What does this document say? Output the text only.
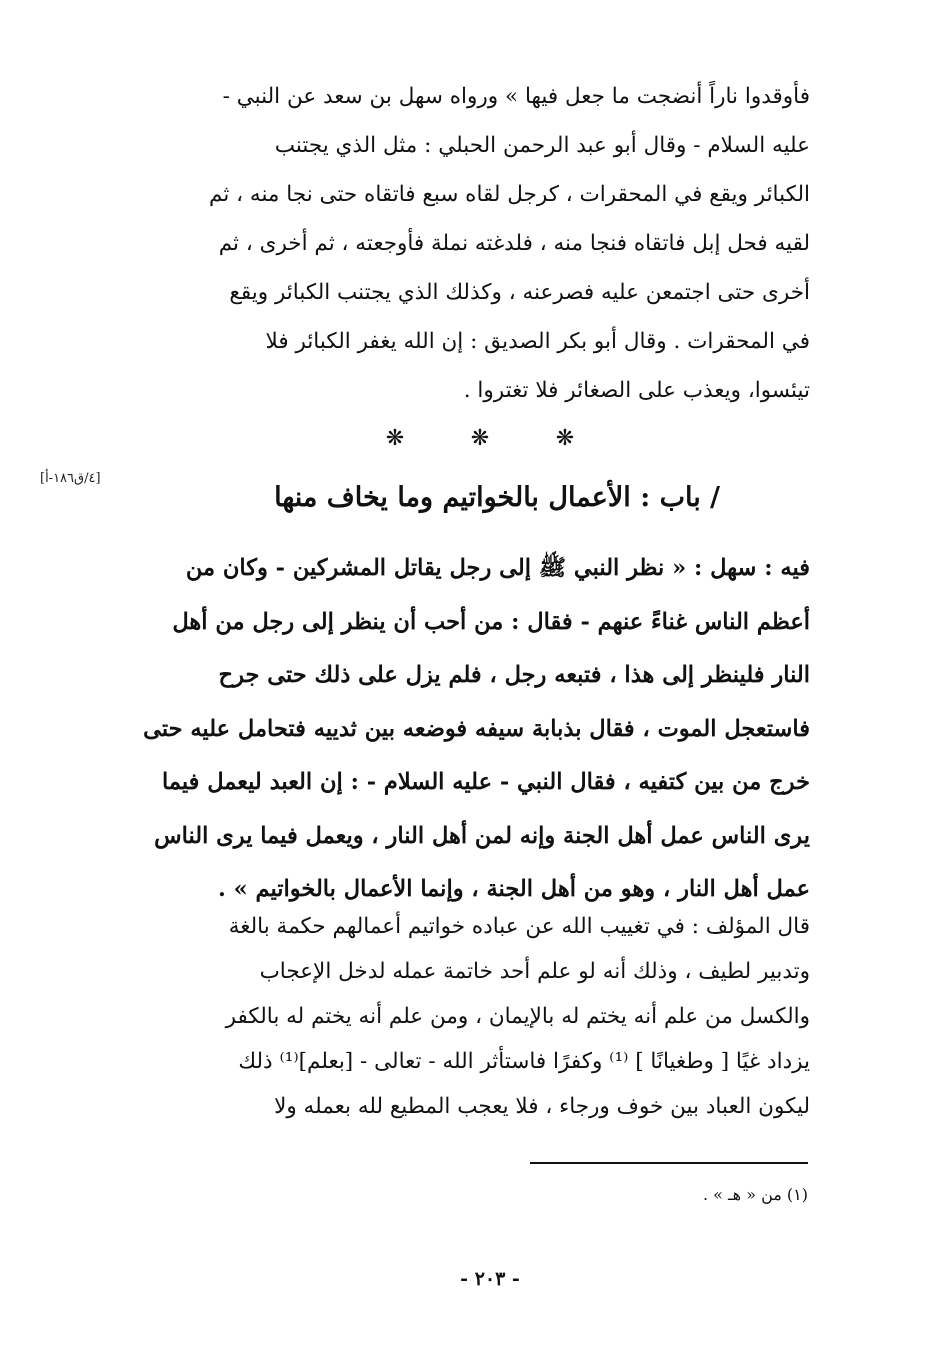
فأوقدوا ناراً أنضجت ما جعل فيها » ورواه سهل بن سعد عن النبي -
عليه السلام - وقال أبو عبد الرحمن الحبلي : مثل الذي يجتنب
الكبائر ويقع في المحقرات ، كرجل لقاه سبع فاتقاه حتى نجا منه ، ثم
لقيه فحل إبل فاتقاه فنجا منه ، فلدغته نملة فأوجعته ، ثم أخرى ، ثم
أخرى حتى اجتمعن عليه فصرعنه ، وكذلك الذي يجتنب الكبائر ويقع
في المحقرات . وقال أبو بكر الصديق : إن الله يغفر الكبائر فلا
تيئسوا، ويعذب على الصغائر فلا تغتروا .
❋
❋
❋
[٤/ق١٨٦-أ]
/ باب : الأعمال بالخواتيم وما يخاف منها
فيه : سهل : « نظر النبي ﷺ إلى رجل يقاتل المشركين - وكان من
أعظم الناس غناءً عنهم - فقال : من أحب أن ينظر إلى رجل من أهل
النار فلينظر إلى هذا ، فتبعه رجل ، فلم يزل على ذلك حتى جرح
فاستعجل الموت ، فقال بذبابة سيفه فوضعه بين ثدييه فتحامل عليه حتى
خرج من بين كتفيه ، فقال النبي - عليه السلام - : إن العبد ليعمل فيما
يرى الناس عمل أهل الجنة وإنه لمن أهل النار ، ويعمل فيما يرى الناس
عمل أهل النار ، وهو من أهل الجنة ، وإنما الأعمال بالخواتيم » .
قال المؤلف : في تغييب الله عن عباده خواتيم أعمالهم حكمة بالغة
وتدبير لطيف ، وذلك أنه لو علم أحد خاتمة عمله لدخل الإعجاب
والكسل من علم أنه يختم له بالإيمان ، ومن علم أنه يختم له بالكفر
يزداد غيًا [ وطغيانًا ] ⁽¹⁾ وكفرًا فاستأثر الله - تعالى - [بعلم]⁽¹⁾ ذلك
ليكون العباد بين خوف ورجاء ، فلا يعجب المطيع لله بعمله ولا
(١) من « هـ » .
- ٢٠٣ -
